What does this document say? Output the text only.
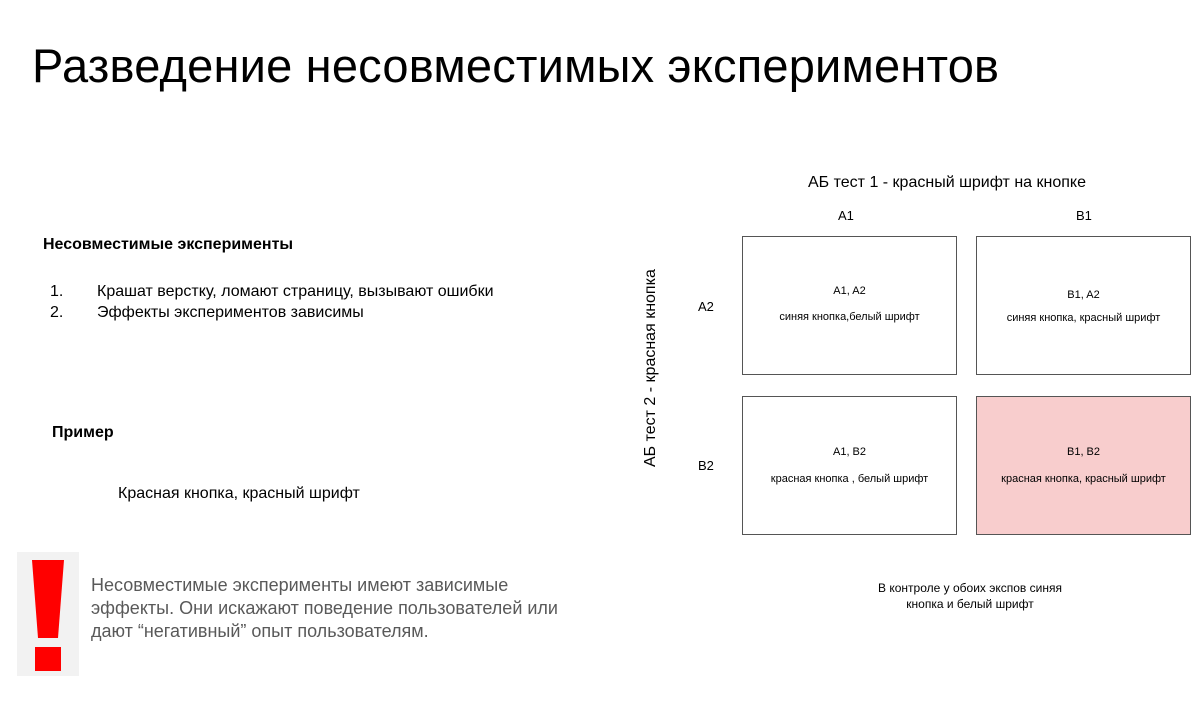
Разведение несовместимых экспериментов
Несовместимые эксперименты
1. Крашат верстку, ломают страницу, вызывают ошибки
2. Эффекты экспериментов зависимы
Пример
Красная кнопка, красный шрифт
Несовместимые эксперименты имеют зависимые эффекты. Они искажают поведение пользователей или дают “негативный” опыт пользователям.
АБ тест 1 - красный шрифт на кнопке
A1	B1
АБ тест 2 - красная кнопка	A2
B2
A1, A2
синяя кнопка,белый шрифт
B1, A2
синяя кнопка, красный шрифт
A1, B2
красная кнопка , белый шрифт
B1, B2
красная кнопка, красный шрифт
В контроле у обоих экспов синяя
кнопка и белый шрифт
